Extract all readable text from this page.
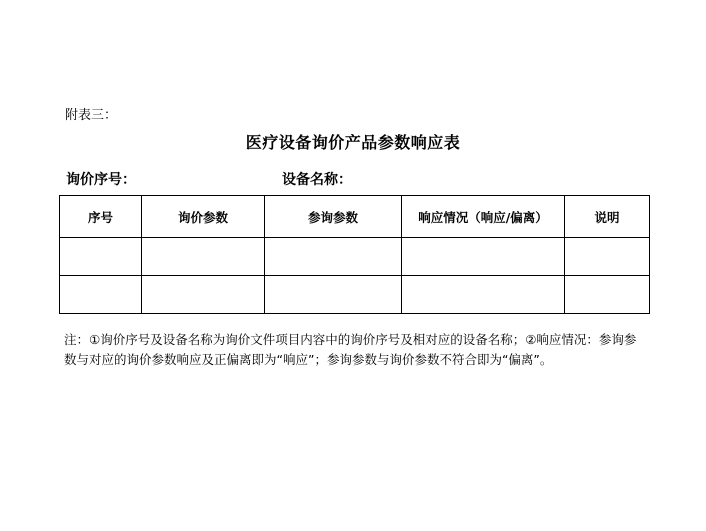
附表三：
医疗设备询价产品参数响应表
询价序号：	设备名称：
序号	询价参数	参询参数	响应情况（响应/偏离）	说明

注：①询价序号及设备名称为询价文件项目内容中的询价序号及相对应的设备名称；②响应情况：参询参数与对应的询价参数响应及正偏离即为“响应”；参询参数与询价参数不符合即为“偏离”。
